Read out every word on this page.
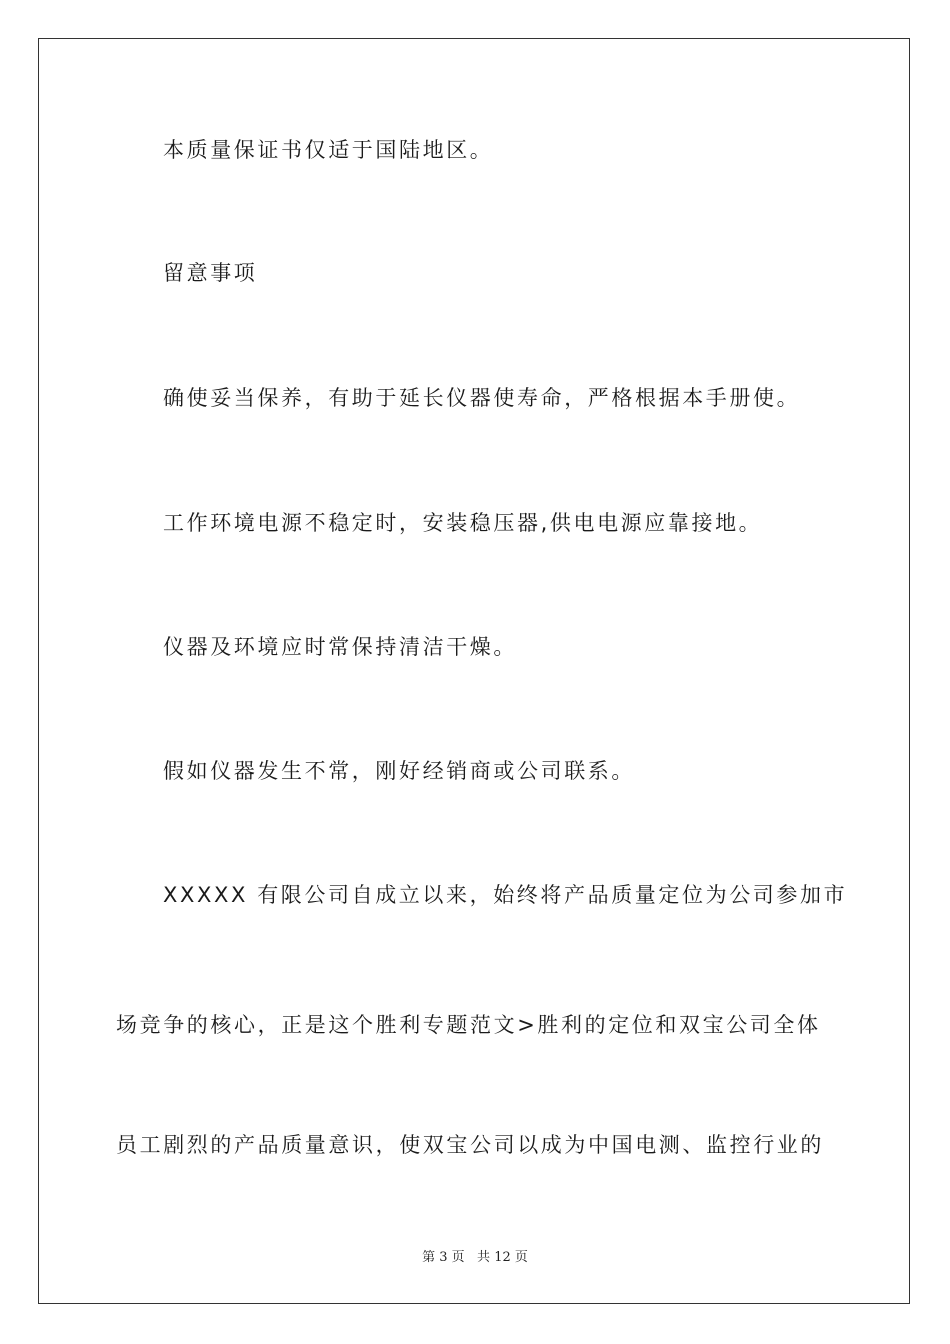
本质量保证书仅适于国陆地区。

留意事项

确使妥当保养，有助于延长仪器使寿命，严格根据本手册使。

工作环境电源不稳定时，安装稳压器,供电电源应靠接地。

仪器及环境应时常保持清洁干燥。

假如仪器发生不常，刚好经销商或公司联系。

XXXXX 有限公司自成立以来，始终将产品质量定位为公司参加市

场竞争的核心，正是这个胜利专题范文>胜利的定位和双宝公司全体

员工剧烈的产品质量意识，使双宝公司以成为中国电测、监控行业的

第 3 页   共 12 页
